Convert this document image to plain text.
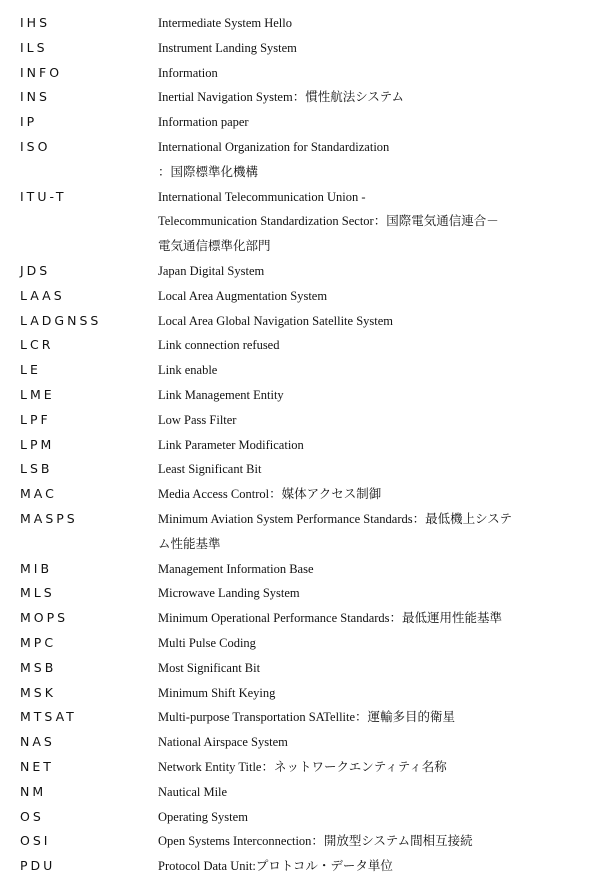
IHS	Intermediate System Hello
ILS	Instrument Landing System
INFO	Information
INS	Inertial Navigation System：慣性航法システム
IP	Information paper
ISO	International Organization for Standardization
：国際標準化機構
ITU-T	International Telecommunication Union -
Telecommunication Standardization Sector：国際電気通信連合－
電気通信標準化部門
JDS	Japan Digital System
LAAS	Local Area Augmentation System
LADGNSS	Local Area Global Navigation Satellite System
LCR	Link connection refused
LE	Link enable
LME	Link Management Entity
LPF	Low Pass Filter
LPM	Link Parameter Modification
LSB	Least Significant Bit
MAC	Media Access Control：媒体アクセス制御
MASPS	Minimum Aviation System Performance Standards：最低機上システ
ム性能基準
MIB	Management Information Base
MLS	Microwave Landing System
MOPS	Minimum Operational Performance Standards：最低運用性能基準
MPC	Multi Pulse Coding
MSB	Most Significant Bit
MSK	Minimum Shift Keying
MTSAT	Multi-purpose Transportation SATellite：運輸多目的衛星
NAS	National Airspace System
NET	Network Entity Title：ネットワークエンティティ名称
NM	Nautical Mile
OS	Operating System
OSI	Open Systems Interconnection：開放型システム間相互接続
PDU	Protocol Data Unit:プロトコル・データ単位
